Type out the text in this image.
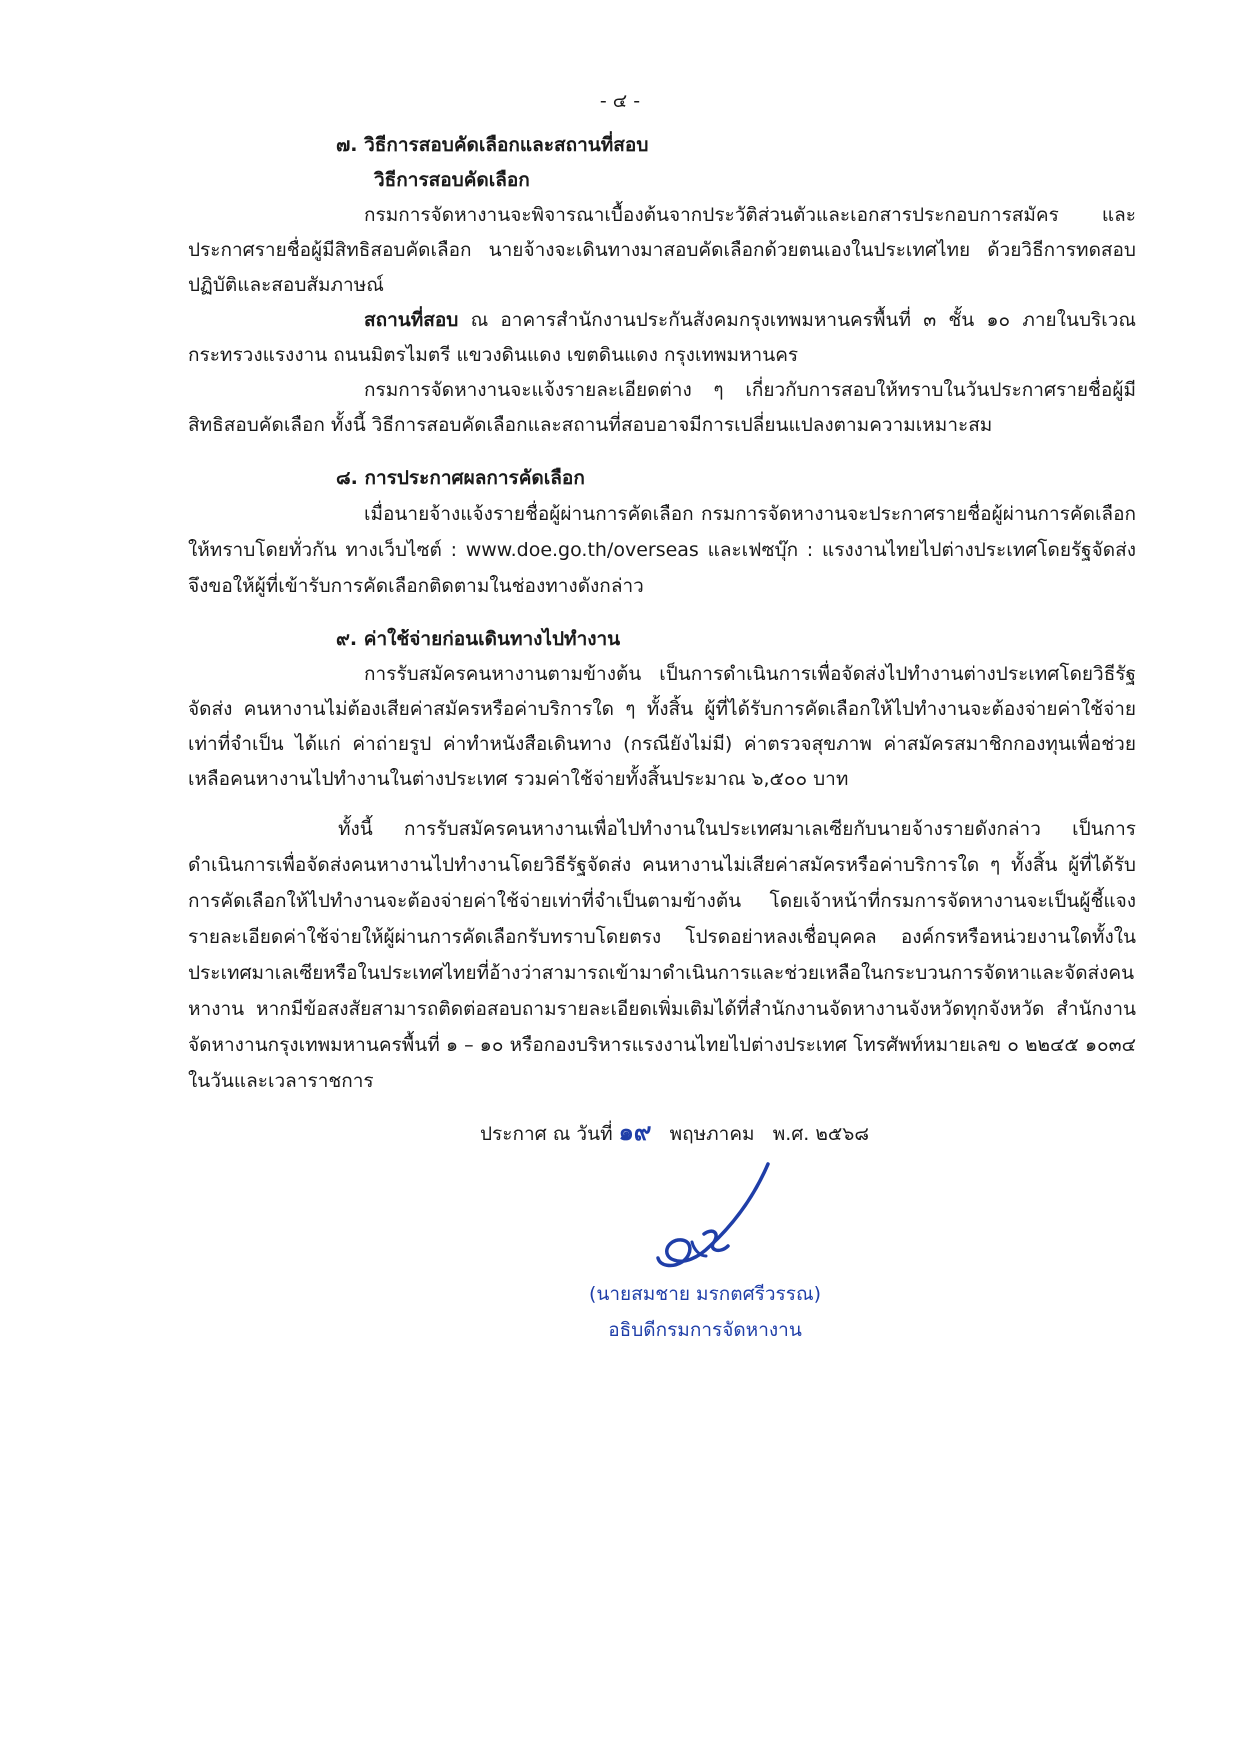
- ๔ -
๗. วิธีการสอบคัดเลือกและสถานที่สอบ
วิธีการสอบคัดเลือก

กรมการจัดหางานจะพิจารณาเบื้องต้นจากประวัติส่วนตัวและเอกสารประกอบการสมัคร และประกาศรายชื่อผู้มีสิทธิสอบคัดเลือก นายจ้างจะเดินทางมาสอบคัดเลือกด้วยตนเองในประเทศไทย ด้วยวิธีการทดสอบปฏิบัติและสอบสัมภาษณ์

สถานที่สอบ ณ อาคารสำนักงานประกันสังคมกรุงเทพมหานครพื้นที่ ๓ ชั้น ๑๐ ภายในบริเวณกระทรวงแรงงาน ถนนมิตรไมตรี แขวงดินแดง เขตดินแดง กรุงเทพมหานคร

กรมการจัดหางานจะแจ้งรายละเอียดต่าง ๆ เกี่ยวกับการสอบให้ทราบในวันประกาศรายชื่อผู้มีสิทธิสอบคัดเลือก ทั้งนี้ วิธีการสอบคัดเลือกและสถานที่สอบอาจมีการเปลี่ยนแปลงตามความเหมาะสม

๘. การประกาศผลการคัดเลือก

เมื่อนายจ้างแจ้งรายชื่อผู้ผ่านการคัดเลือก กรมการจัดหางานจะประกาศรายชื่อผู้ผ่านการคัดเลือกให้ทราบโดยทั่วกัน ทางเว็บไซต์ : www.doe.go.th/overseas และเฟซบุ๊ก : แรงงานไทยไปต่างประเทศโดยรัฐจัดส่ง จึงขอให้ผู้ที่เข้ารับการคัดเลือกติดตามในช่องทางดังกล่าว

๙. ค่าใช้จ่ายก่อนเดินทางไปทำงาน

การรับสมัครคนหางานตามข้างต้น เป็นการดำเนินการเพื่อจัดส่งไปทำงานต่างประเทศโดยวิธีรัฐจัดส่ง คนหางานไม่ต้องเสียค่าสมัครหรือค่าบริการใด ๆ ทั้งสิ้น ผู้ที่ได้รับการคัดเลือกให้ไปทำงานจะต้องจ่ายค่าใช้จ่ายเท่าที่จำเป็น ได้แก่ ค่าถ่ายรูป ค่าทำหนังสือเดินทาง (กรณียังไม่มี) ค่าตรวจสุขภาพ ค่าสมัครสมาชิกกองทุนเพื่อช่วยเหลือคนหางานไปทำงานในต่างประเทศ รวมค่าใช้จ่ายทั้งสิ้นประมาณ ๖,๕๐๐ บาท

ทั้งนี้ การรับสมัครคนหางานเพื่อไปทำงานในประเทศมาเลเซียกับนายจ้างรายดังกล่าว เป็นการดำเนินการเพื่อจัดส่งคนหางานไปทำงานโดยวิธีรัฐจัดส่ง คนหางานไม่เสียค่าสมัครหรือค่าบริการใด ๆ ทั้งสิ้น ผู้ที่ได้รับการคัดเลือกให้ไปทำงานจะต้องจ่ายค่าใช้จ่ายเท่าที่จำเป็นตามข้างต้น โดยเจ้าหน้าที่กรมการจัดหางานจะเป็นผู้ชี้แจงรายละเอียดค่าใช้จ่ายให้ผู้ผ่านการคัดเลือกรับทราบโดยตรง โปรดอย่าหลงเชื่อบุคคล องค์กรหรือหน่วยงานใดทั้งในประเทศมาเลเซียหรือในประเทศไทยที่อ้างว่าสามารถเข้ามาดำเนินการและช่วยเหลือในกระบวนการจัดหาและจัดส่งคนหางาน หากมีข้อสงสัยสามารถติดต่อสอบถามรายละเอียดเพิ่มเติมได้ที่สำนักงานจัดหางานจังหวัดทุกจังหวัด สำนักงานจัดหางานกรุงเทพมหานครพื้นที่ ๑ – ๑๐ หรือกองบริหารแรงงานไทยไปต่างประเทศ โทรศัพท์หมายเลข ๐ ๒๒๔๕ ๑๐๓๔ ในวันและเวลาราชการ

ประกาศ ณ วันที่ ๑๙ พฤษภาคม พ.ศ. ๒๕๖๘
(นายสมชาย มรกตศรีวรรณ)
อธิบดีกรมการจัดหางาน
